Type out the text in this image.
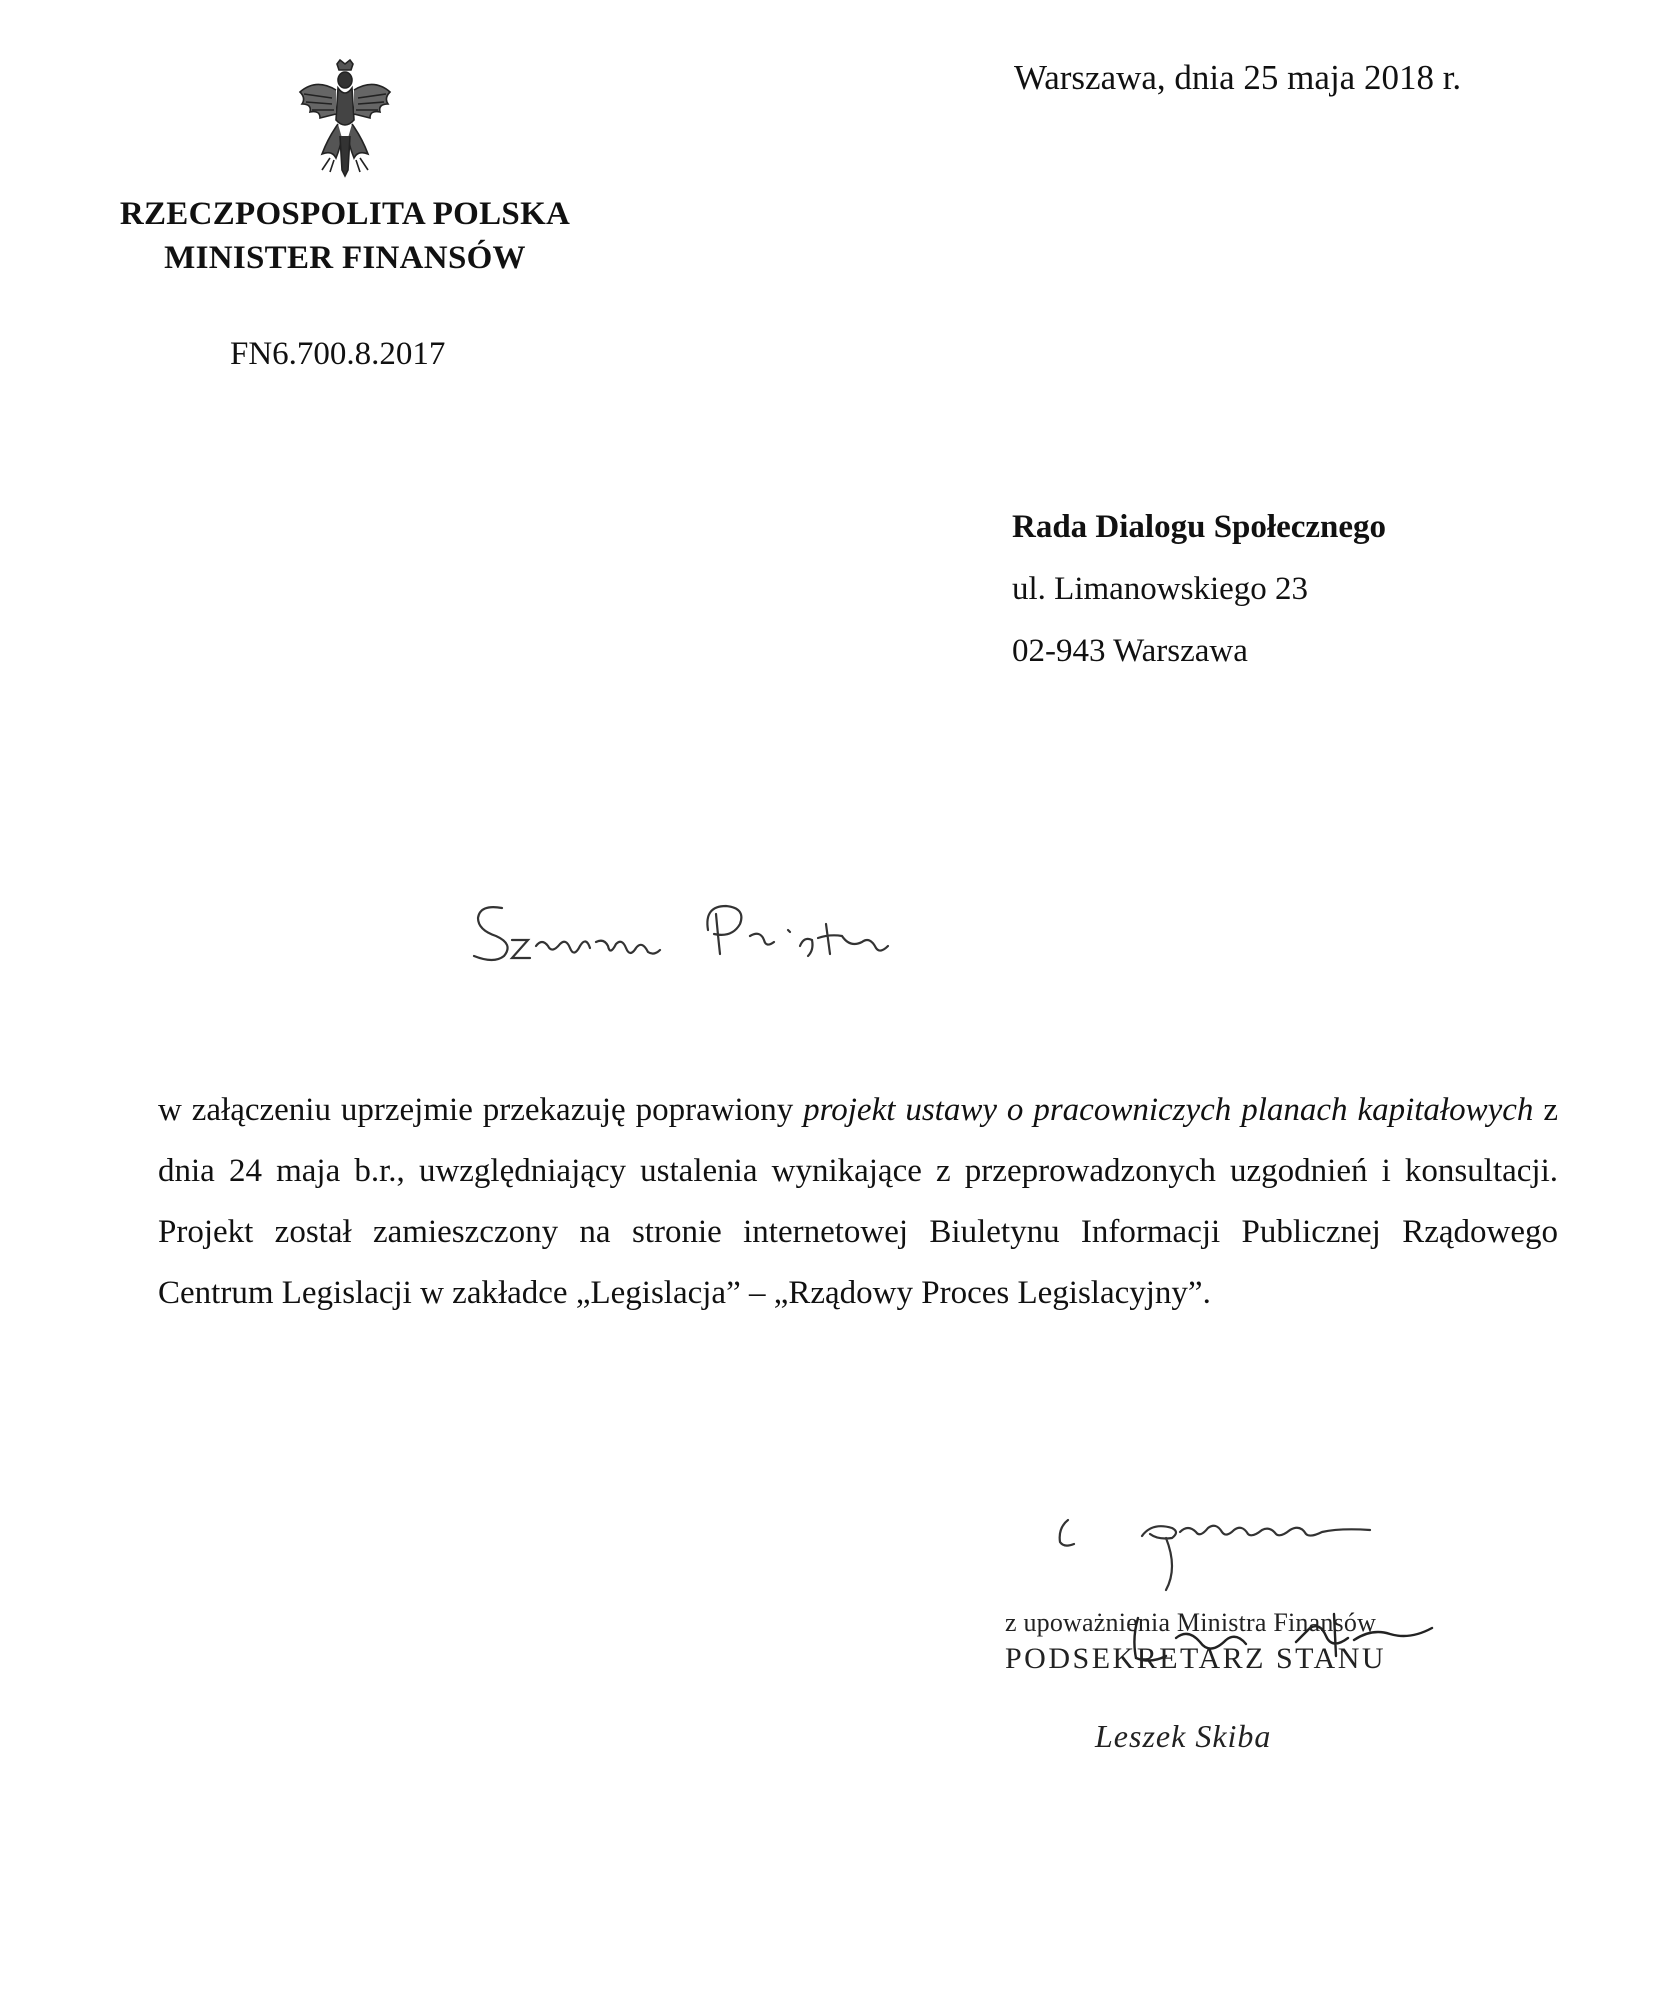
RZECZPOSPOLITA POLSKA
MINISTER FINANSÓW
Warszawa, dnia 25 maja 2018 r.
FN6.700.8.2017
Rada Dialogu Społecznego
ul. Limanowskiego 23
02-943 Warszawa
w załączeniu uprzejmie przekazuję poprawiony projekt ustawy o pracowniczych planach kapitałowych z dnia 24 maja b.r., uwzględniający ustalenia wynikające z przeprowadzonych uzgodnień i konsultacji. Projekt został zamieszczony na stronie internetowej Biuletynu Informacji Publicznej Rządowego Centrum Legislacji w zakładce „Legislacja” – „Rządowy Proces Legislacyjny”.
z upoważnienia Ministra Finansów
PODSEKRETARZ STANU
Leszek Skiba
